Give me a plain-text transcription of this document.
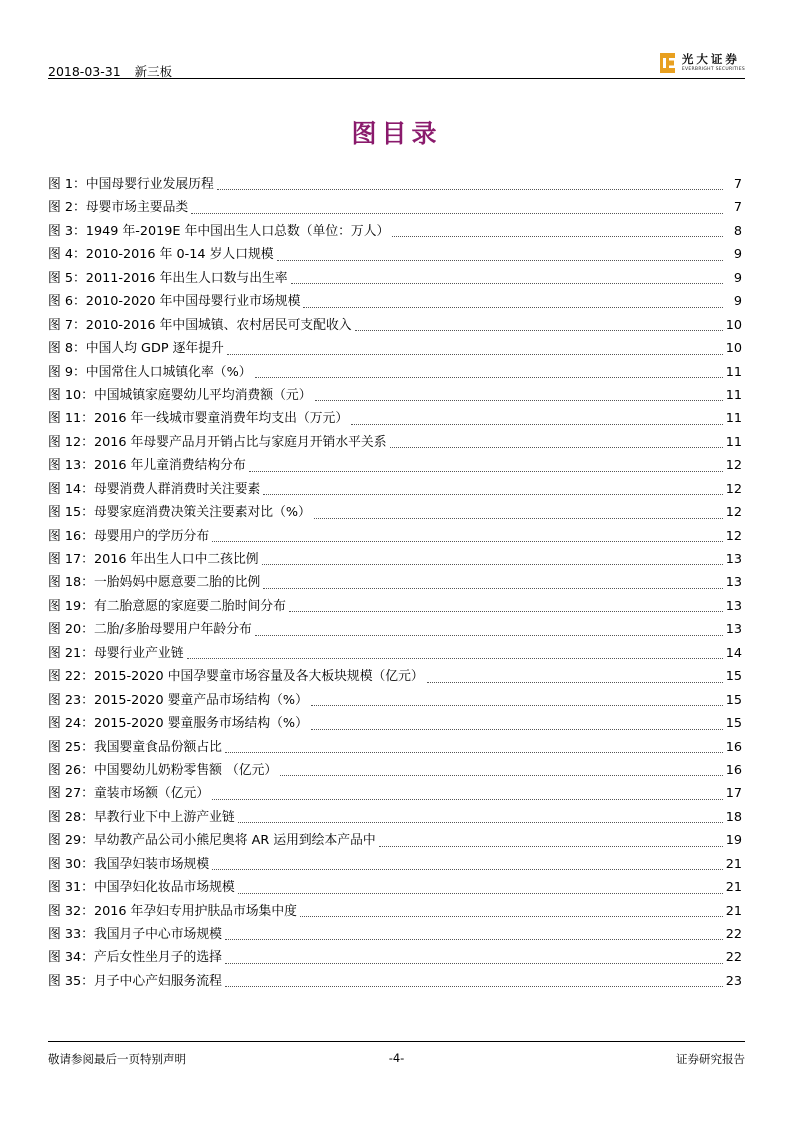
2018-03-31 新三板
光大证券
EVERBRIGHT SECURITIES
图目录
图 1：中国母婴行业发展历程	7
图 2：母婴市场主要品类	7
图 3：1949 年-2019E 年中国出生人口总数（单位：万人）	8
图 4：2010-2016 年 0-14 岁人口规模	9
图 5：2011-2016 年出生人口数与出生率	9
图 6：2010-2020 年中国母婴行业市场规模	9
图 7：2010-2016 年中国城镇、农村居民可支配收入	10
图 8：中国人均 GDP 逐年提升	10
图 9：中国常住人口城镇化率（%）	11
图 10：中国城镇家庭婴幼儿平均消费额（元）	11
图 11：2016 年一线城市婴童消费年均支出（万元）	11
图 12：2016 年母婴产品月开销占比与家庭月开销水平关系	11
图 13：2016 年儿童消费结构分布	12
图 14：母婴消费人群消费时关注要素	12
图 15：母婴家庭消费决策关注要素对比（%）	12
图 16：母婴用户的学历分布	12
图 17：2016 年出生人口中二孩比例	13
图 18：一胎妈妈中愿意要二胎的比例	13
图 19：有二胎意愿的家庭要二胎时间分布	13
图 20：二胎/多胎母婴用户年龄分布	13
图 21：母婴行业产业链	14
图 22：2015-2020 中国孕婴童市场容量及各大板块规模（亿元）	15
图 23：2015-2020 婴童产品市场结构（%）	15
图 24：2015-2020 婴童服务市场结构（%）	15
图 25：我国婴童食品份额占比	16
图 26：中国婴幼儿奶粉零售额 （亿元）	16
图 27：童装市场额（亿元）	17
图 28：早教行业下中上游产业链	18
图 29：早幼教产品公司小熊尼奥将 AR 运用到绘本产品中	19
图 30：我国孕妇装市场规模	21
图 31：中国孕妇化妆品市场规模	21
图 32：2016 年孕妇专用护肤品市场集中度	21
图 33：我国月子中心市场规模	22
图 34：产后女性坐月子的选择	22
图 35：月子中心产妇服务流程	23
敬请参阅最后一页特别声明	-4-	证券研究报告
